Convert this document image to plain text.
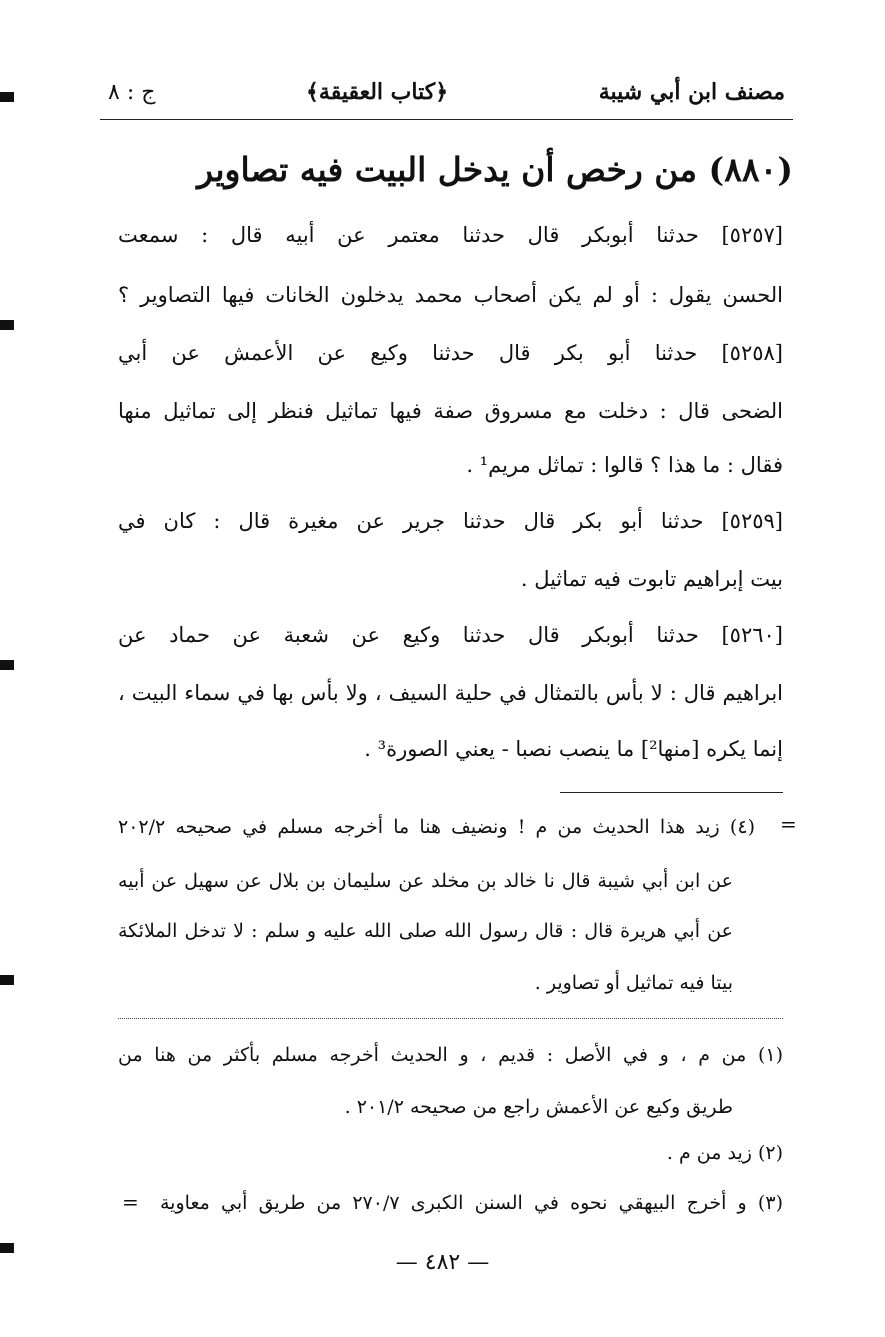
ج : ٨	﴿كتاب العقيقة﴾	مصنف ابن أبي شيبة
(٨٨٠) من رخص أن يدخل البيت فيه تصاوير
[٥٢٥٧] حدثنا أبوبكر قال حدثنا معتمر عن أبيه قال : سمعت
الحسن يقول : أو لم يكن أصحاب محمد يدخلون الخانات فيها التصاوير ؟
[٥٢٥٨] حدثنا أبو بكر قال حدثنا وكيع عن الأعمش عن أبي
الضحى قال : دخلت مع مسروق صفة فيها تماثيل فنظر إلى تماثيل منها
فقال : ما هذا ؟ قالوا : تماثل مريم¹ .
[٥٢٥٩] حدثنا أبو بكر قال حدثنا جرير عن مغيرة قال : كان في
بيت إبراهيم تابوت فيه تماثيل .
[٥٢٦٠] حدثنا أبوبكر قال حدثنا وكيع عن شعبة عن حماد عن
ابراهيم قال : لا بأس بالتمثال في حلية السيف ، ولا بأس بها في سماء البيت ،
إنما يكره [منها²] ما ينصب نصبا - يعني الصورة³ .
=
(٤) زيد هذا الحديث من م ! ونضيف هنا ما أخرجه مسلم في صحيحه ٢٠٢/٢
عن ابن أبي شيبة قال نا خالد بن مخلد عن سليمان بن بلال عن سهيل عن أبيه
عن أبي هريرة قال : قال رسول الله صلى الله عليه و سلم : لا تدخل الملائكة
بيتا فيه تماثيل أو تصاوير .
(١) من م ، و في الأصل : قديم ، و الحديث أخرجه مسلم بأكثر من هنا من
طريق وكيع عن الأعمش راجع من صحيحه ٢٠١/٢ .
(٢) زيد من م .
(٣) و أخرج البيهقي نحوه في السنن الكبرى ٢٧٠/٧ من طريق أبي معاوية
=
— ٤٨٢ —
